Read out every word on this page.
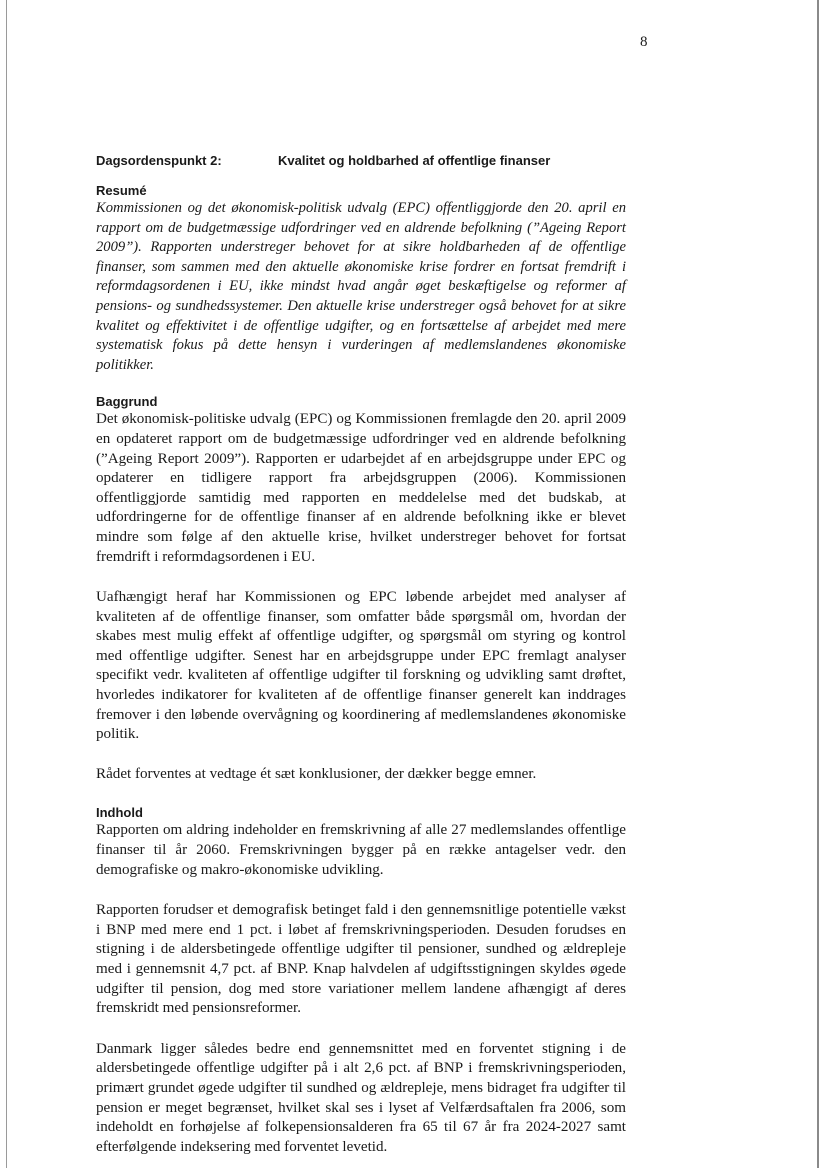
8
Dagsordenspunkt 2:	Kvalitet og holdbarhed af offentlige finanser
Resumé

Kommissionen og det økonomisk-politisk udvalg (EPC) offentliggjorde den 20. april en rapport om de budgetmæssige udfordringer ved en aldrende befolkning (”Ageing Report 2009”). Rapporten understreger behovet for at sikre holdbarheden af de offentlige finanser, som sammen med den aktuelle økonomiske krise fordrer en fortsat fremdrift i reformdagsordenen i EU, ikke mindst hvad angår øget beskæftigelse og reformer af pensions- og sundhedssystemer. Den aktuelle krise understreger også behovet for at sikre kvalitet og effektivitet i de offentlige udgifter, og en fortsættelse af arbejdet med mere systematisk fokus på dette hensyn i vurderingen af medlemslandenes økonomiske politikker.

Baggrund

Det økonomisk-politiske udvalg (EPC) og Kommissionen fremlagde den 20. april 2009 en opdateret rapport om de budgetmæssige udfordringer ved en aldrende befolkning (”Ageing Report 2009”). Rapporten er udarbejdet af en arbejdsgruppe under EPC og opdaterer en tidligere rapport fra arbejdsgruppen (2006). Kommissionen offentliggjorde samtidig med rapporten en meddelelse med det budskab, at udfordringerne for de offentlige finanser af en aldrende befolkning ikke er blevet mindre som følge af den aktuelle krise, hvilket understreger behovet for fortsat fremdrift i reformdagsordenen i EU.

Uafhængigt heraf har Kommissionen og EPC løbende arbejdet med analyser af kvaliteten af de offentlige finanser, som omfatter både spørgsmål om, hvordan der skabes mest mulig effekt af offentlige udgifter, og spørgsmål om styring og kontrol med offentlige udgifter. Senest har en arbejdsgruppe under EPC fremlagt analyser specifikt vedr. kvaliteten af offentlige udgifter til forskning og udvikling samt drøftet, hvorledes indikatorer for kvaliteten af de offentlige finanser generelt kan inddrages fremover i den løbende overvågning og koordinering af medlemslandenes økonomiske politik.

Rådet forventes at vedtage ét sæt konklusioner, der dækker begge emner.

Indhold

Rapporten om aldring indeholder en fremskrivning af alle 27 medlemslandes offentlige finanser til år 2060. Fremskrivningen bygger på en række antagelser vedr. den demografiske og makro-økonomiske udvikling.

Rapporten forudser et demografisk betinget fald i den gennemsnitlige potentielle vækst i BNP med mere end 1 pct. i løbet af fremskrivningsperioden. Desuden forudses en stigning i de aldersbetingede offentlige udgifter til pensioner, sundhed og ældrepleje med i gennemsnit 4,7 pct. af BNP. Knap halvdelen af udgiftsstigningen skyldes øgede udgifter til pension, dog med store variationer mellem landene afhængigt af deres fremskridt med pensionsreformer.

Danmark ligger således bedre end gennemsnittet med en forventet stigning i de aldersbetingede offentlige udgifter på i alt 2,6 pct. af BNP i fremskrivningsperioden, primært grundet øgede udgifter til sundhed og ældrepleje, mens bidraget fra udgifter til pension er meget begrænset, hvilket skal ses i lyset af Velfærdsaftalen fra 2006, som indeholdt en forhøjelse af folkepensionsalderen fra 65 til 67 år fra 2024-2027 samt efterfølgende indeksering med forventet levetid.
